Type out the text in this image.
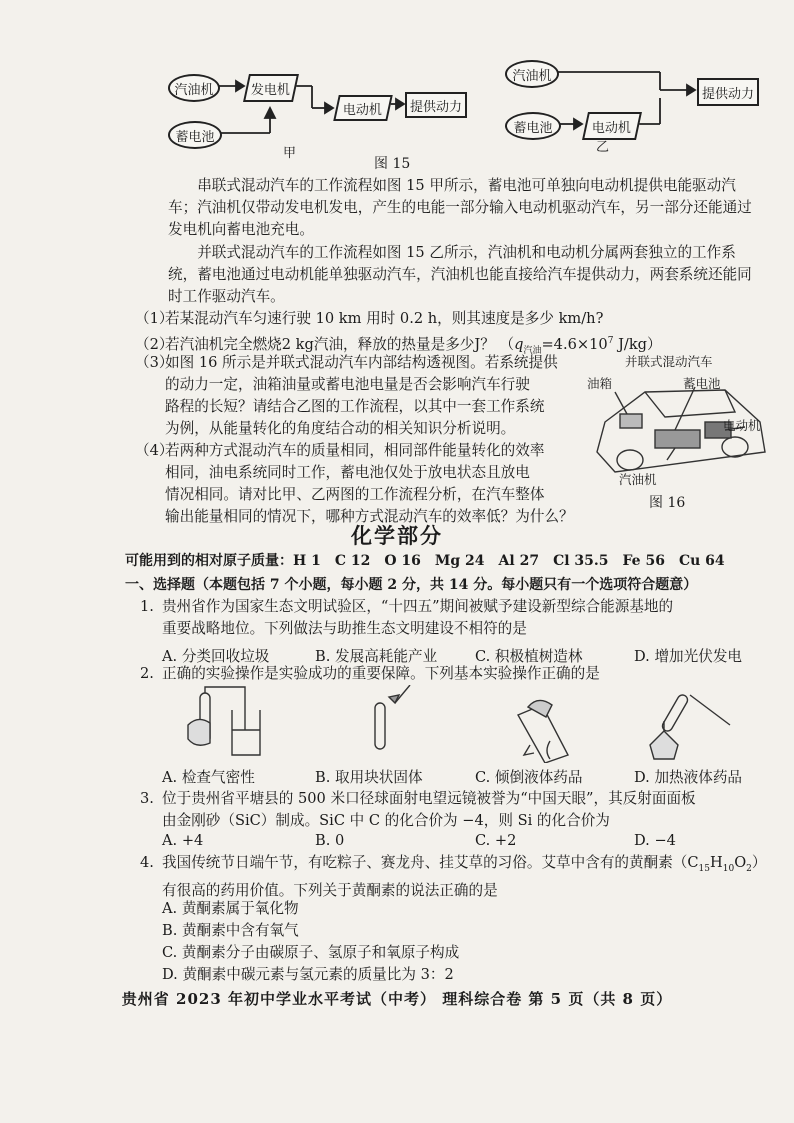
汽油机	发电机
蓄电池
电动机 提供动力
甲
汽油机
蓄电池	电动机
提供动力
乙
图 15
串联式混动汽车的工作流程如图 15 甲所示，蓄电池可单独向电动机提供电能驱动汽车；汽油机仅带动发电机发电，产生的电能一部分输入电动机驱动汽车，另一部分还能通过发电机向蓄电池充电。
并联式混动汽车的工作流程如图 15 乙所示，汽油机和电动机分属两套独立的工作系统，蓄电池通过电动机能单独驱动汽车，汽油机也能直接给汽车提供动力，两套系统还能同时工作驱动汽车。
（1）若某混动汽车匀速行驶 10 km 用时 0.2 h，则其速度是多少 km/h?
（2）若汽油机完全燃烧2 kg汽油，释放的热量是多少J？ （$q_{汽油}=4.6\times 10^7$ J/kg）
（3）如图 16 所示是并联式混动汽车内部结构透视图。若系统提供
的动力一定，油箱油量或蓄电池电量是否会影响汽车行驶
路程的长短？请结合乙图的工作流程，以其中一套工作系统
为例，从能量转化的角度结合动的相关知识分析说明。
（4）若两种方式混动汽车的质量相同，相同部件能量转化的效率
相同，油电系统同时工作，蓄电池仅处于放电状态且放电
情况相同。请对比甲、乙两图的工作流程分析，在汽车整体
输出能量相同的情况下，哪种方式混动汽车的效率低？为什么？
并联式混动汽车
油箱	蓄电池
电动机
汽油机
图 16
化学部分
可能用到的相对原子质量：H 1　C 12　O 16　Mg 24　Al 27　Cl 35.5　Fe 56　Cu 64
一、选择题（本题包括 7 个小题，每小题 2 分，共 14 分。每小题只有一个选项符合题意）
1. 贵州省作为国家生态文明试验区，“十四五”期间被赋予建设新型综合能源基地的
重要战略地位。下列做法与助推生态文明建设不相符的是
A. 分类回收垃圾	B. 发展高耗能产业	C. 积极植树造林	D. 增加光伏发电
2. 正确的实验操作是实验成功的重要保障。下列基本实验操作正确的是
A. 检查气密性	B. 取用块状固体	C. 倾倒液体药品	D. 加热液体药品
3. 位于贵州省平塘县的 500 米口径球面射电望远镜被誉为“中国天眼”，其反射面面板
由金刚砂（SiC）制成。SiC 中 C 的化合价为 −4，则 Si 的化合价为
A. +4	B. 0	C. +2	D. −4
4. 我国传统节日端午节，有吃粽子、赛龙舟、挂艾草的习俗。艾草中含有的黄酮素$(C_{15}H_{10}O_2)$
有很高的药用价值。下列关于黄酮素的说法正确的是
A. 黄酮素属于氧化物
B. 黄酮素中含有氧气
C. 黄酮素分子由碳原子、氢原子和氧原子构成
D. 黄酮素中碳元素与氢元素的质量比为 3：2
贵州省 2023 年初中学业水平考试（中考） 理科综合卷 第 5 页（共 8 页）
